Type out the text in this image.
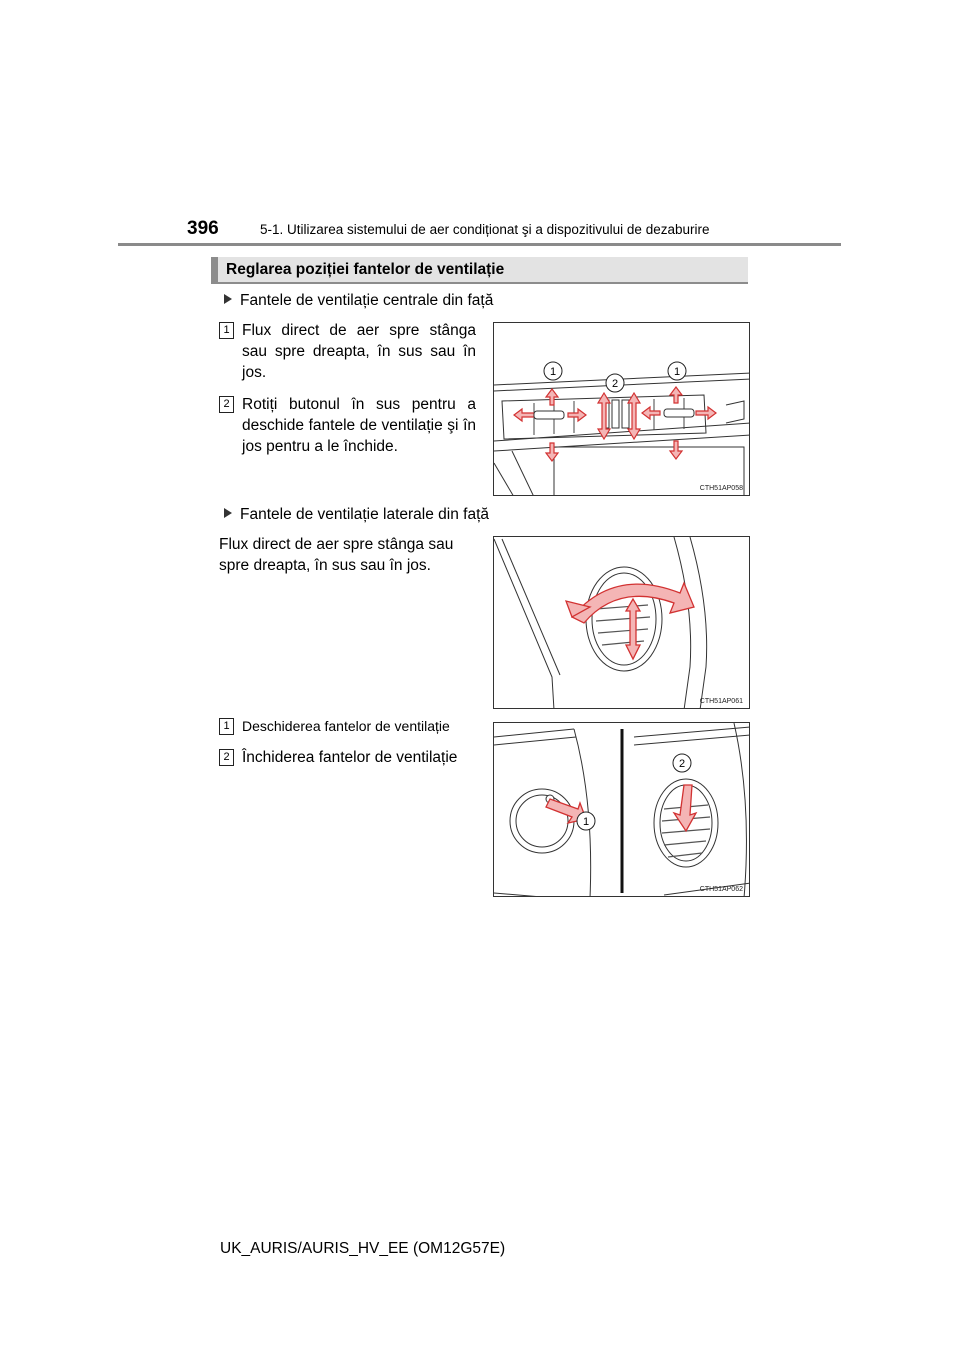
396	5-1. Utilizarea sistemului de aer condiționat şi a dispozitivului de dezaburire
Reglarea poziției fantelor de ventilație
Fantele de ventilație centrale din față
1 Flux direct de aer spre stânga sau spre dreapta, în sus sau în jos.
2 Rotiți butonul în sus pentru a deschide fantele de ventilație şi în jos pentru a le închide.
1
2
1
CTH51AP058
Fantele de ventilație laterale din față
Flux direct de aer spre stânga sau spre dreapta, în sus sau în jos.
CTH51AP061
1 Deschiderea fantelor de ventilație
2 Închiderea fantelor de ventilație
1
2
CTH51AP062
UK_AURIS/AURIS_HV_EE (OM12G57E)
